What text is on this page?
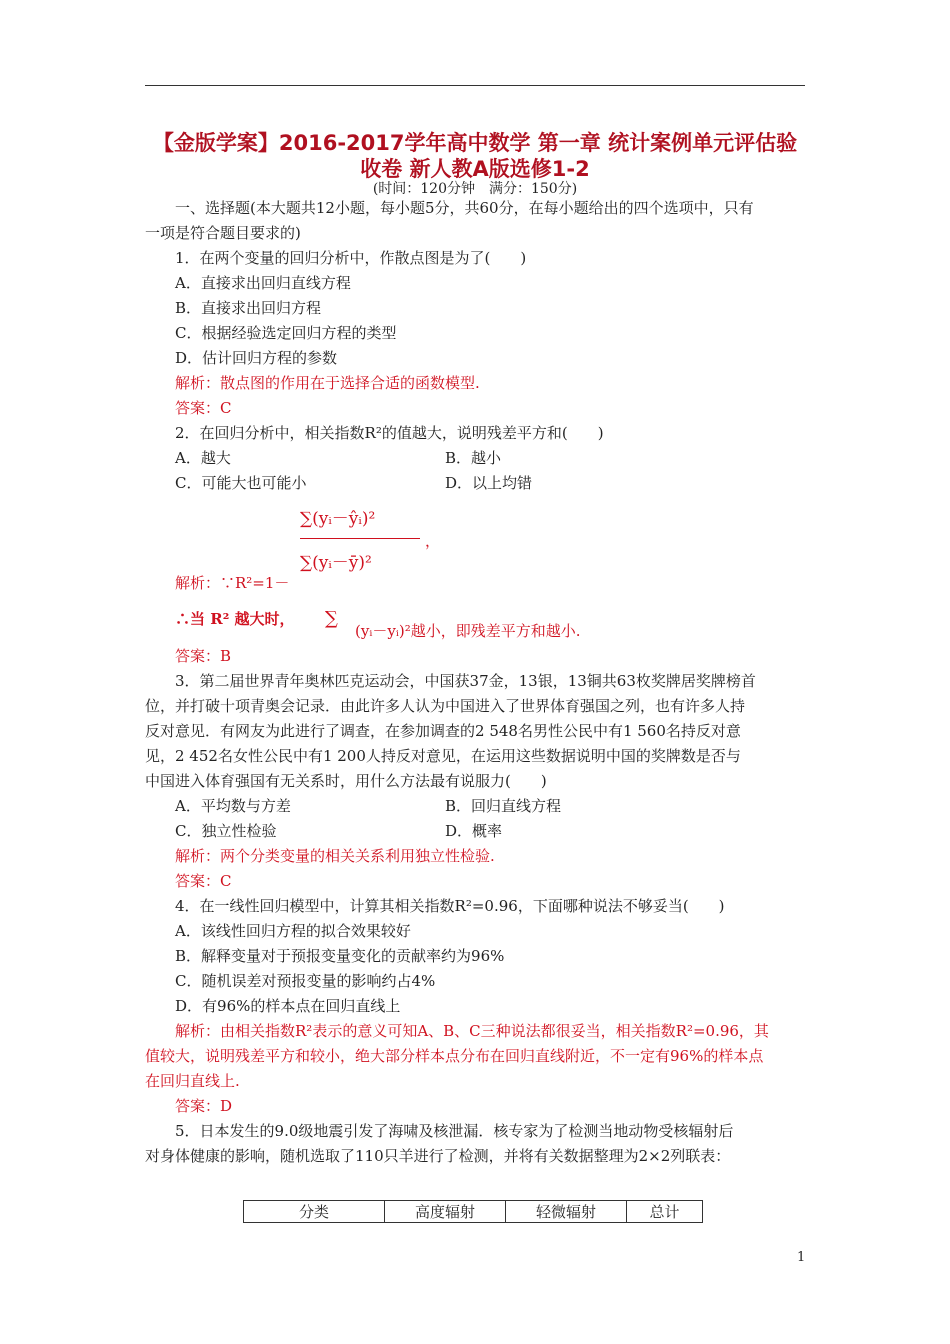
【金版学案】2016-2017学年高中数学 第一章 统计案例单元评估验
收卷 新人教A版选修1-2
(时间：120分钟　满分：150分)
一、选择题(本大题共12小题，每小题5分，共60分，在每小题给出的四个选项中，只有
一项是符合题目要求的)
1．在两个变量的回归分析中，作散点图是为了(　　)
A．直接求出回归直线方程
B．直接求出回归方程
C．根据经验选定回归方程的类型
D．估计回归方程的参数
解析：散点图的作用在于选择合适的函数模型.
答案：C
2．在回归分析中，相关指数R²的值越大，说明残差平方和(　　)
A．越大	B．越小
C．可能大也可能小	D．以上均错
∑(yᵢ－ŷᵢ)²
∑(yᵢ－ȳ)²
，
解析：∵R²=1－
∴当 R² 越大时， ∑
(yᵢ－yᵢ)²越小，即残差平方和越小.
答案：B
3．第二届世界青年奥林匹克运动会，中国获37金，13银，13铜共63枚奖牌居奖牌榜首
位，并打破十项青奥会记录．由此许多人认为中国进入了世界体育强国之列，也有许多人持
反对意见．有网友为此进行了调查，在参加调查的2 548名男性公民中有1 560名持反对意
见，2 452名女性公民中有1 200人持反对意见，在运用这些数据说明中国的奖牌数是否与
中国进入体育强国有无关系时，用什么方法最有说服力(　　)
A．平均数与方差	B．回归直线方程
C．独立性检验	D．概率
解析：两个分类变量的相关关系利用独立性检验.
答案：C
4．在一线性回归模型中，计算其相关指数R²=0.96，下面哪种说法不够妥当(　　)
A．该线性回归方程的拟合效果较好
B．解释变量对于预报变量变化的贡献率约为96%
C．随机误差对预报变量的影响约占4%
D．有96%的样本点在回归直线上
解析：由相关指数R²表示的意义可知A、B、C三种说法都很妥当，相关指数R²=0.96，其
值较大，说明残差平方和较小，绝大部分样本点分布在回归直线附近，不一定有96%的样本点
在回归直线上.
答案：D
5．日本发生的9.0级地震引发了海啸及核泄漏．核专家为了检测当地动物受核辐射后
对身体健康的影响，随机选取了110只羊进行了检测，并将有关数据整理为2×2列联表：
分类	高度辐射	轻微辐射	总计
1
